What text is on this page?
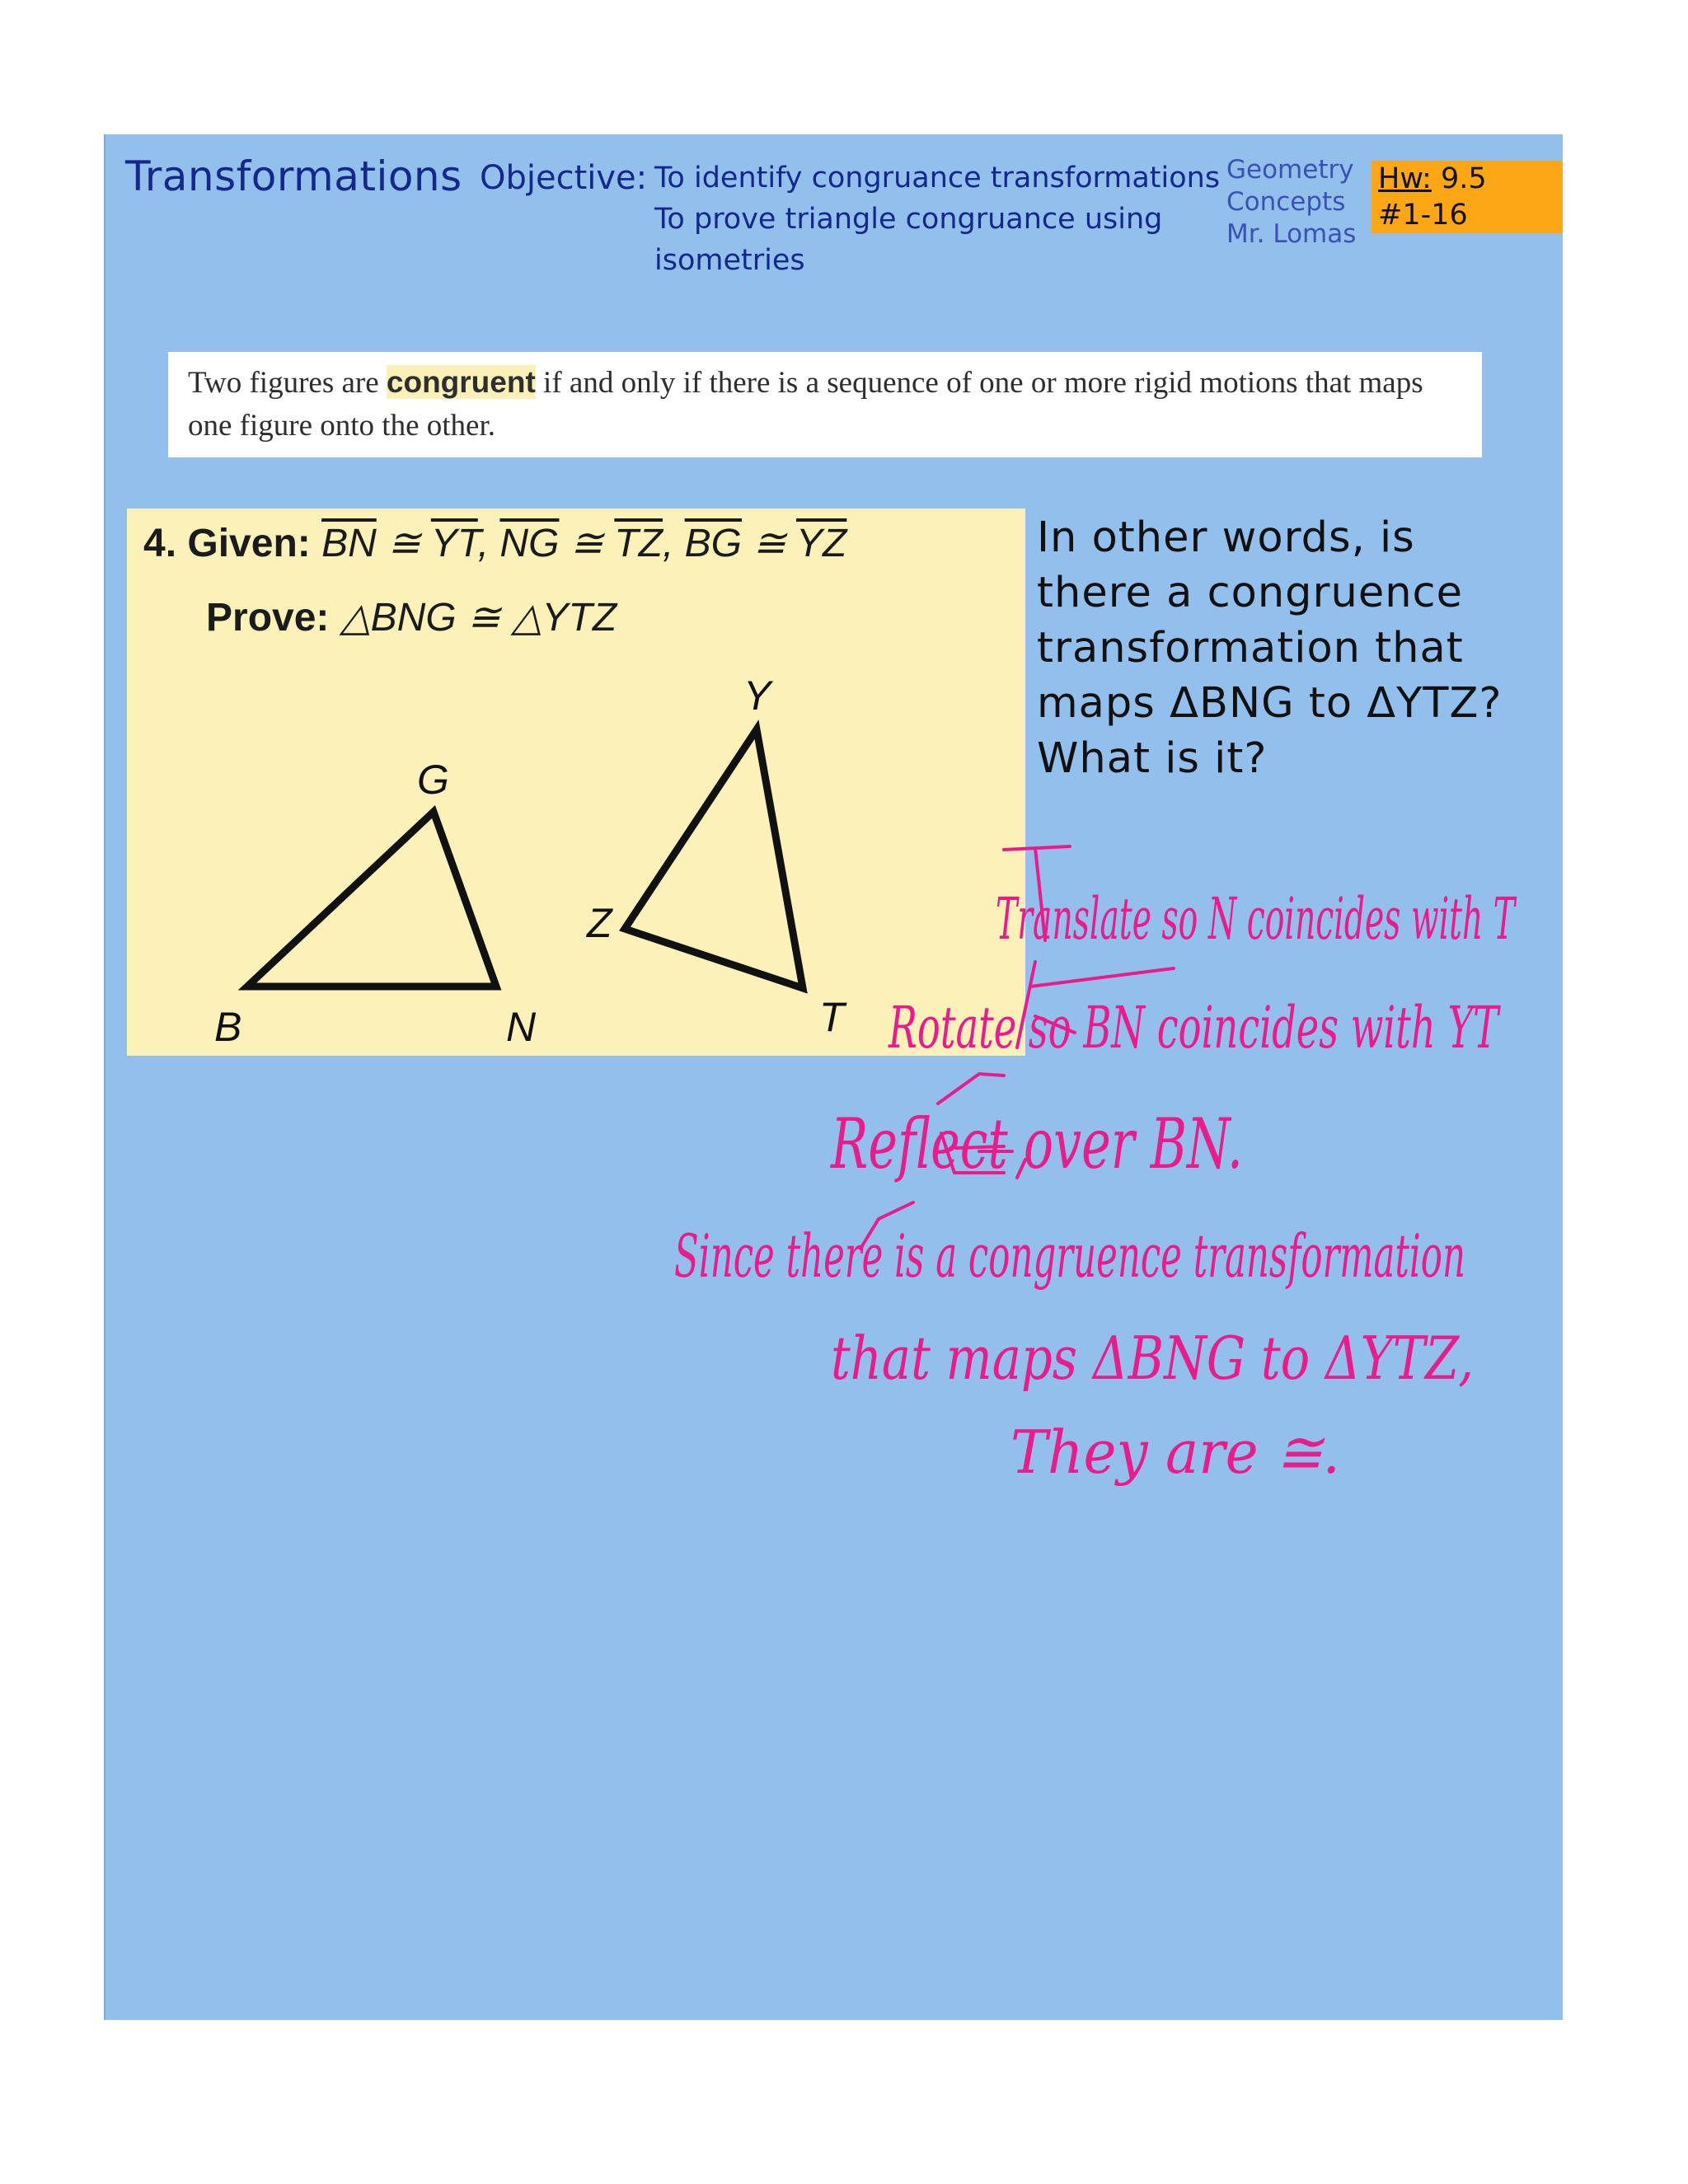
Transformations Objective: To identify congruance transformations
To prove triangle congruance using
isometries
Geometry
Concepts
Mr. Lomas
Hw: 9.5
#1-16
Two figures are congruent if and only if there is a sequence of one or more rigid motions that maps one figure onto the other.
4. Given: $\overline{BN}$ ≅ $\overline{YT}$, $\overline{NG}$ ≅ $\overline{TZ}$, $\overline{BG}$ ≅ $\overline{YZ}$
Prove: △BNG ≅ △YTZ
B	N
G
Y
T
Z
In other words, is
there a congruence
transformation that
maps ΔBNG to ΔYTZ?
What is it?
Translate so N coincides with T
Rotate so BN coincides with YT
Reflect over BN.
Since there is a congruence transformation
that maps ΔBNG to ΔYTZ,
They are ≅.
